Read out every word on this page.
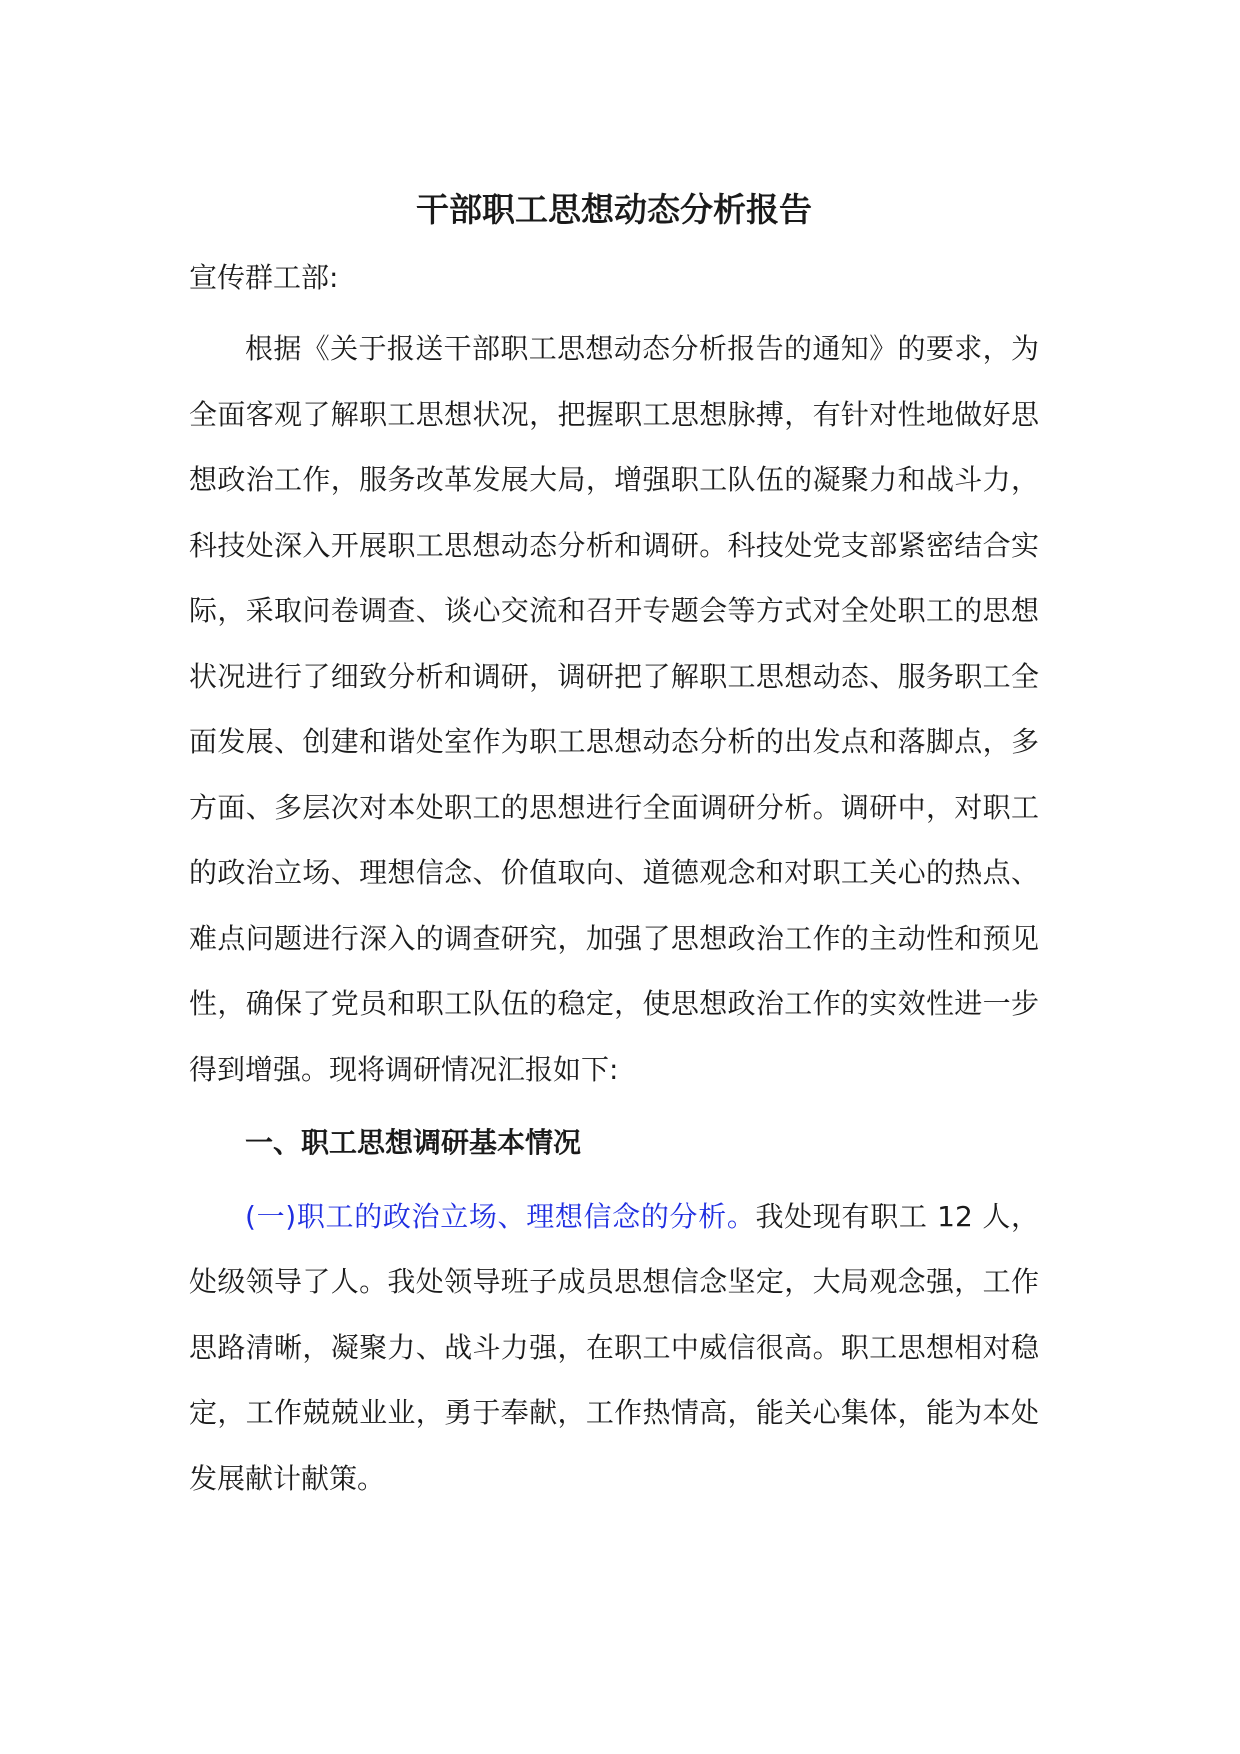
干部职工思想动态分析报告

宣传群工部:

根据《关于报送干部职工思想动态分析报告的通知》的要求，为全面客观了解职工思想状况，把握职工思想脉搏，有针对性地做好思想政治工作，服务改革发展大局，增强职工队伍的凝聚力和战斗力，科技处深入开展职工思想动态分析和调研。科技处党支部紧密结合实际，采取问卷调查、谈心交流和召开专题会等方式对全处职工的思想状况进行了细致分析和调研，调研把了解职工思想动态、服务职工全面发展、创建和谐处室作为职工思想动态分析的出发点和落脚点，多方面、多层次对本处职工的思想进行全面调研分析。调研中，对职工的政治立场、理想信念、价值取向、道德观念和对职工关心的热点、难点问题进行深入的调查研究，加强了思想政治工作的主动性和预见性，确保了党员和职工队伍的稳定，使思想政治工作的实效性进一步得到增强。现将调研情况汇报如下:

一、职工思想调研基本情况

(一)职工的政治立场、理想信念的分析。我处现有职工 12 人，处级领导了人。我处领导班子成员思想信念坚定，大局观念强，工作思路清晰，凝聚力、战斗力强，在职工中威信很高。职工思想相对稳定，工作兢兢业业，勇于奉献，工作热情高，能关心集体，能为本处发展献计献策。
